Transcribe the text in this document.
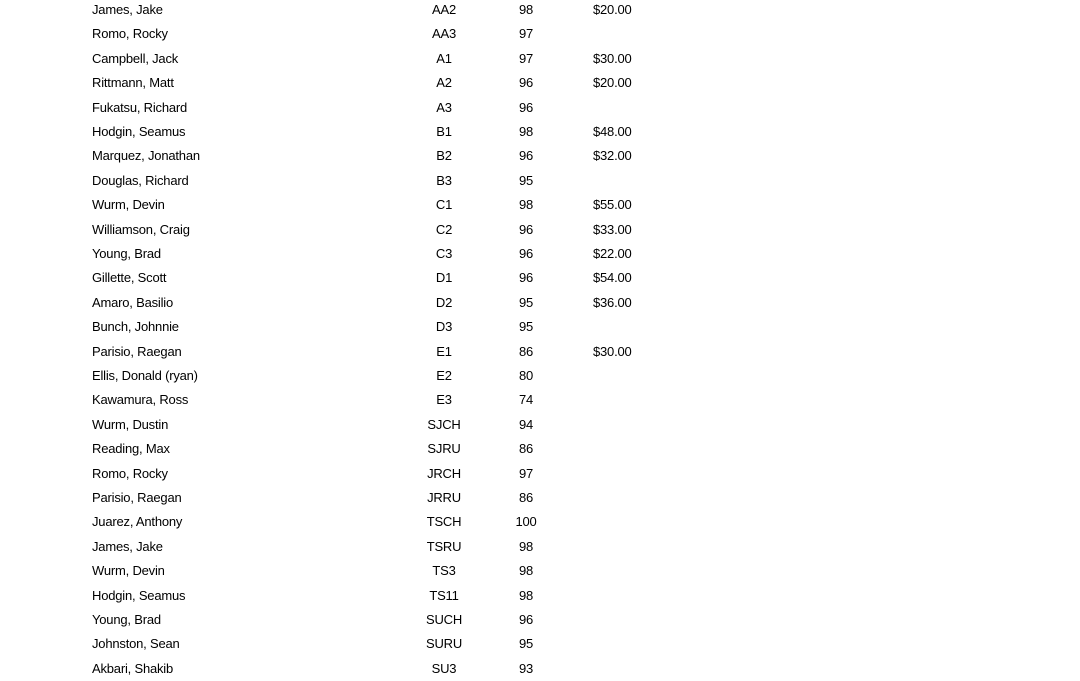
James, Jake	AA2	98	$20.00
Romo, Rocky	AA3	97
Campbell, Jack	A1	97	$30.00
Rittmann, Matt	A2	96	$20.00
Fukatsu, Richard	A3	96
Hodgin, Seamus	B1	98	$48.00
Marquez, Jonathan	B2	96	$32.00
Douglas, Richard	B3	95
Wurm, Devin	C1	98	$55.00
Williamson, Craig	C2	96	$33.00
Young, Brad	C3	96	$22.00
Gillette, Scott	D1	96	$54.00
Amaro, Basilio	D2	95	$36.00
Bunch, Johnnie	D3	95
Parisio, Raegan	E1	86	$30.00
Ellis, Donald (ryan)	E2	80
Kawamura, Ross	E3	74
Wurm, Dustin	SJCH	94
Reading, Max	SJRU	86
Romo, Rocky	JRCH	97
Parisio, Raegan	JRRU	86
Juarez, Anthony	TSCH	100
James, Jake	TSRU	98
Wurm, Devin	TS3	98
Hodgin, Seamus	TS11	98
Young, Brad	SUCH	96
Johnston, Sean	SURU	95
Akbari, Shakib	SU3	93
